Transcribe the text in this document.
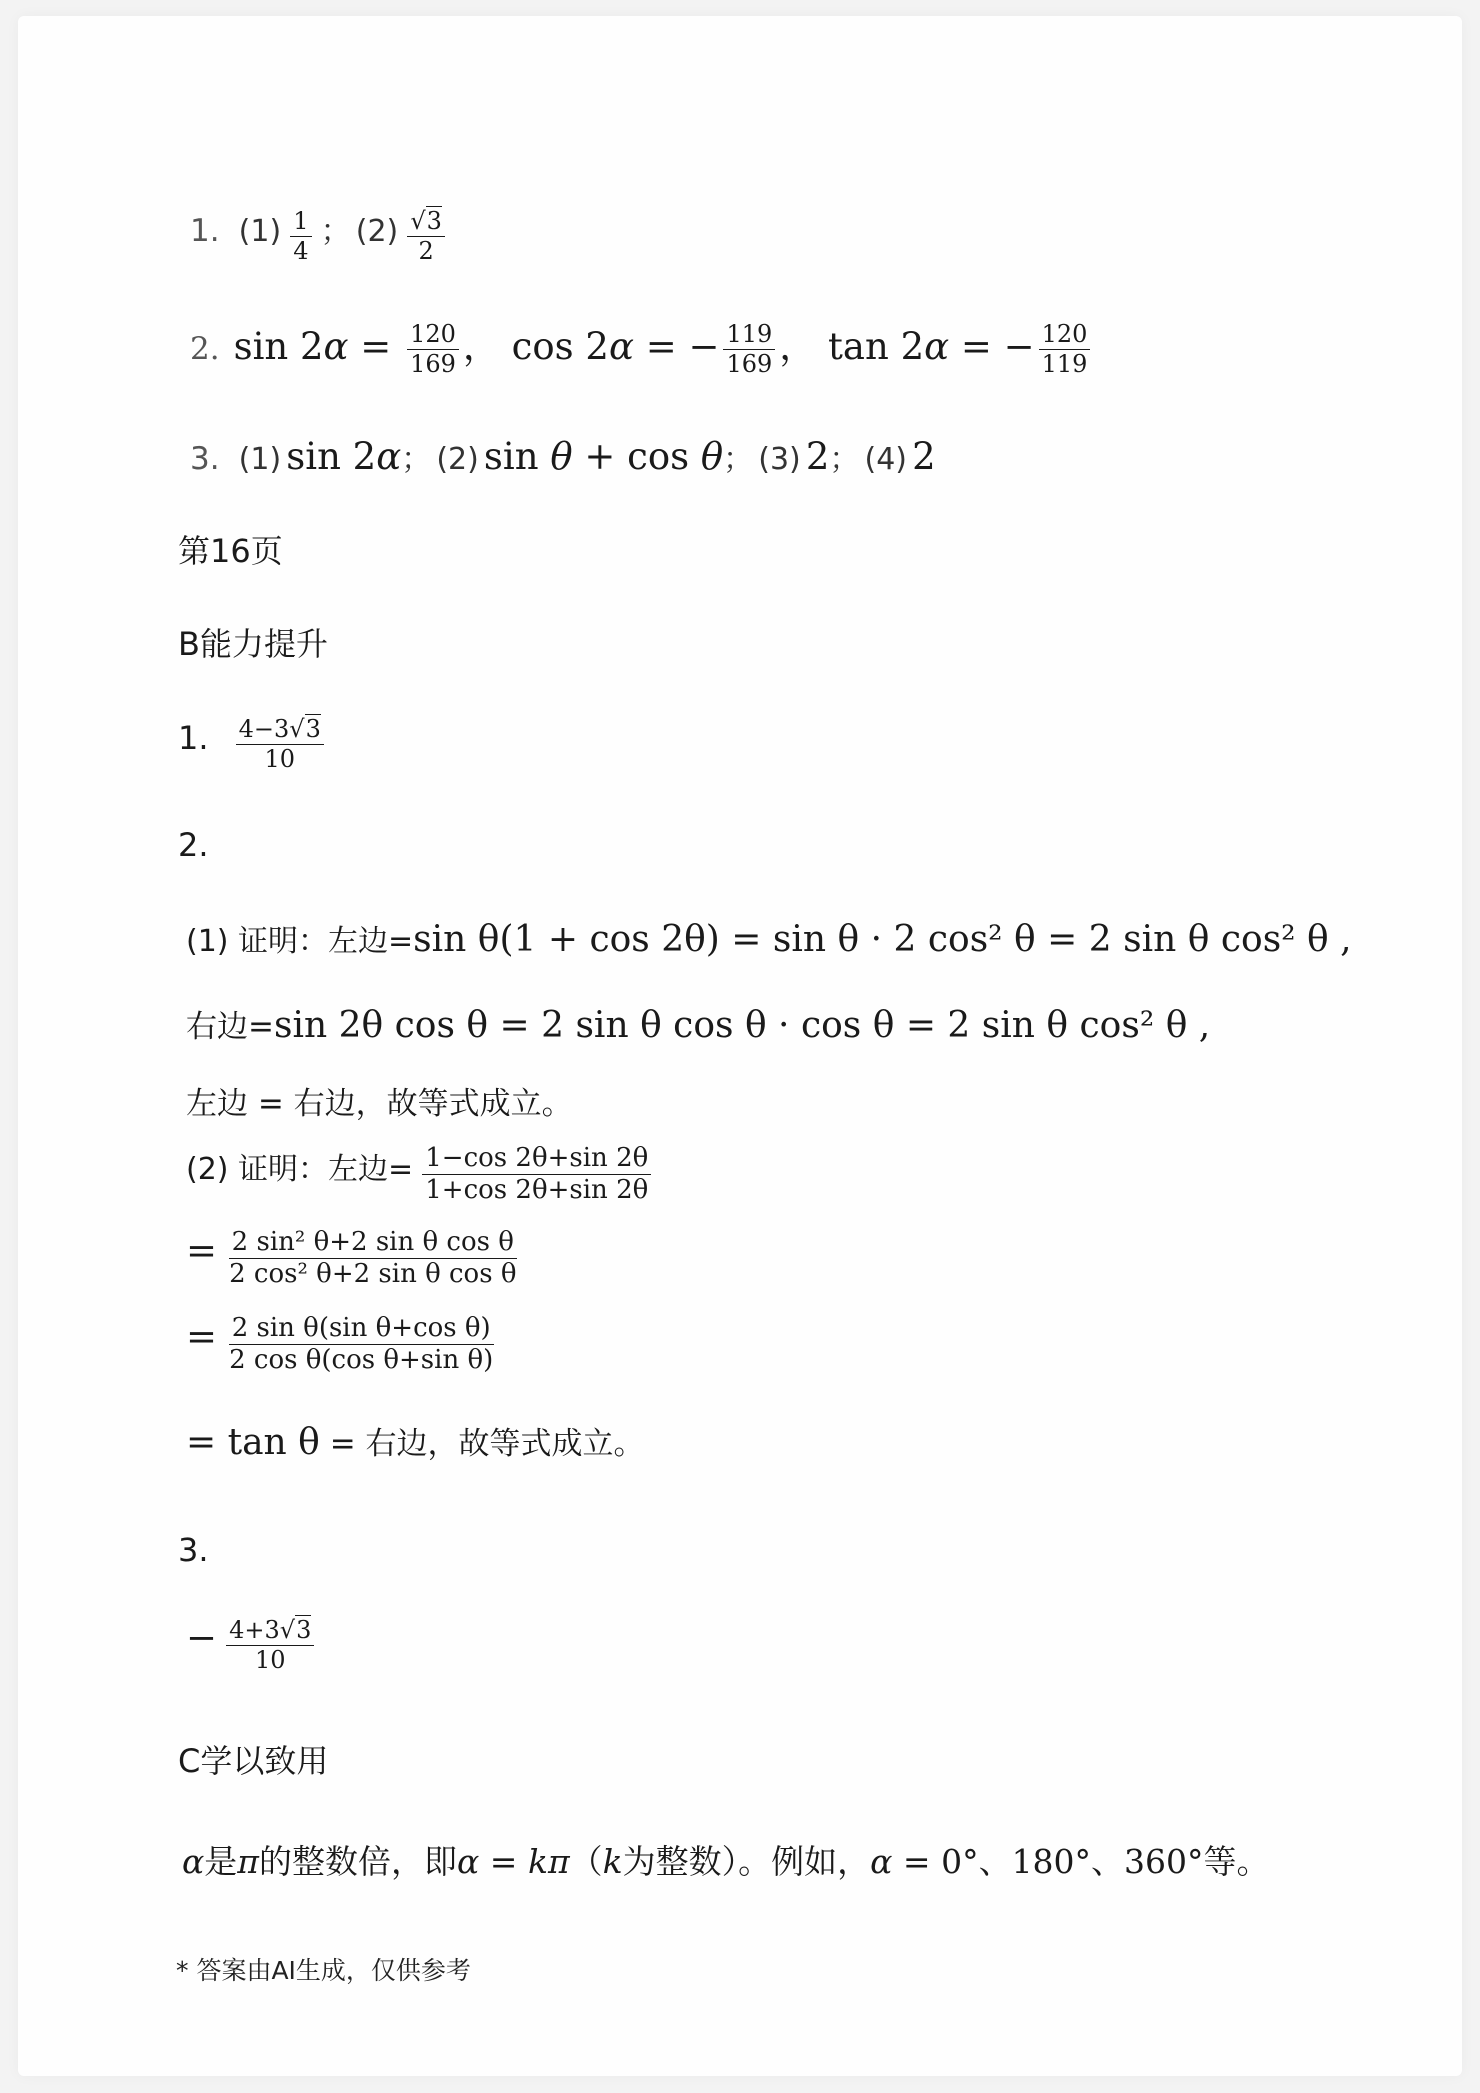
1. $(1) \frac{1}{4}$ ； $(2) \frac{√3}{2}$
2. $\sin 2\alpha = \frac{120}{169}$ ， cos 2α = − $\frac{119}{169}$ ， tan 2α = − $\frac{120}{119}$
3. (1) sin 2α； (2) sin θ + cos θ； (3) 2； (4) 2
第16页
B能力提升
1. $\frac{4-3√3}{10}$
2.
(1) 证明：左边=sin θ(1 + cos 2θ) = sin θ · 2 cos² θ = 2 sin θ cos² θ ,
右边=sin 2θ cos θ = 2 sin θ cos θ · cos θ = 2 sin θ cos² θ ,
左边 = 右边，故等式成立。
(2) 证明：左边= $\frac{1-\cos 2\theta+\sin 2\theta}{1+\cos 2\theta+\sin 2\theta}$
= $\frac{\text{2 sin² θ+2 sin θ cos θ}}{\text{2 cos² θ+2 sin θ cos θ}}$
= $\frac{\text{2 sin θ(sin θ+cos θ)}}{\text{2 cos θ(cos θ+sin θ)}}$
= tan θ = 右边，故等式成立。
3.
− $\frac{4+3√3}{10}$
C学以致用
α是π的整数倍，即α = kπ（k为整数）。例如，α = 0°、180°、360°等。
* 答案由AI生成，仅供参考
